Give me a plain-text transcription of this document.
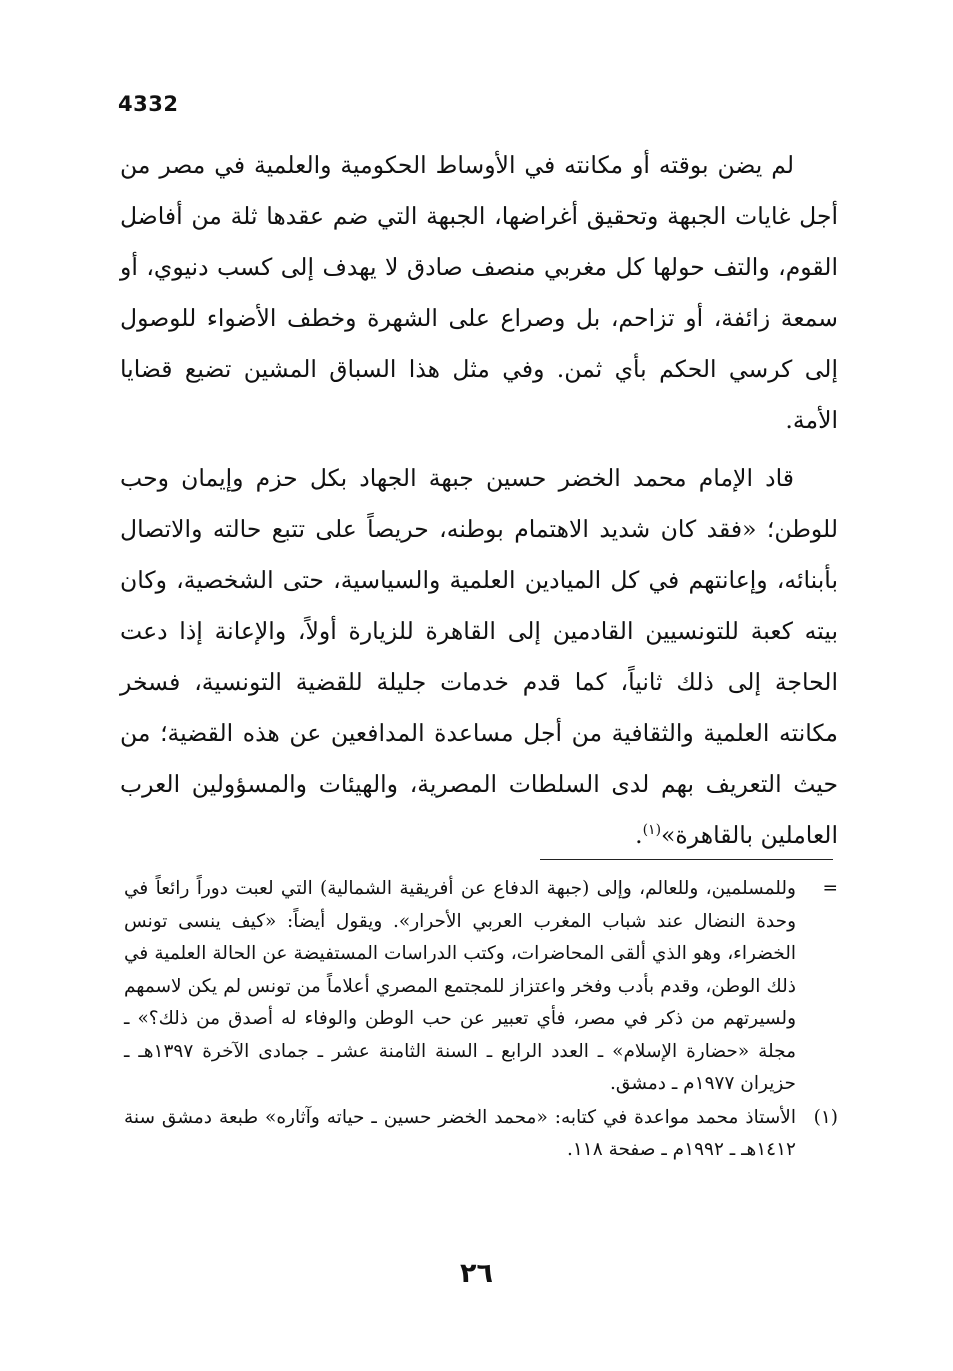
4332

لم يضن بوقته أو مكانته في الأوساط الحكومية والعلمية في مصر من أجل غايات الجبهة وتحقيق أغراضها، الجبهة التي ضم عقدها ثلة من أفاضل القوم، والتف حولها كل مغربي منصف صادق لا يهدف إلى كسب دنيوي، أو سمعة زائفة، أو تزاحم، بل وصراع على الشهرة وخطف الأضواء للوصول إلى كرسي الحكم بأي ثمن. وفي مثل هذا السباق المشين تضيع قضايا الأمة.

قاد الإمام محمد الخضر حسين جبهة الجهاد بكل حزم وإيمان وحب للوطن؛ «فقد كان شديد الاهتمام بوطنه، حريصاً على تتبع حالته والاتصال بأبنائه، وإعانتهم في كل الميادين العلمية والسياسية، حتى الشخصية، وكان بيته كعبة للتونسيين القادمين إلى القاهرة للزيارة أولاً، والإعانة إذا دعت الحاجة إلى ذلك ثانياً، كما قدم خدمات جليلة للقضية التونسية، فسخر مكانته العلمية والثقافية من أجل مساعدة المدافعين عن هذه القضية؛ من حيث التعريف بهم لدى السلطات المصرية، والهيئات والمسؤولين العرب العاملين بالقاهرة»$^{(١)}$.

=
وللمسلمين، وللعالم، وإلى (جبهة الدفاع عن أفريقية الشمالية) التي لعبت دوراً رائعاً في وحدة النضال عند شباب المغرب العربي الأحرار». ويقول أيضاً: «كيف ينسى تونس الخضراء، وهو الذي ألقى المحاضرات، وكتب الدراسات المستفيضة عن الحالة العلمية في ذلك الوطن، وقدم بأدب وفخر واعتزاز للمجتمع المصري أعلاماً من تونس لم يكن لاسمهم ولسيرتهم من ذكر في مصر، فأي تعبير عن حب الوطن والوفاء له أصدق من ذلك؟» ـ مجلة «حضارة الإسلام» ـ العدد الرابع ـ السنة الثامنة عشر ـ جمادى الآخرة ١٣٩٧هـ ـ حزيران ١٩٧٧م ـ دمشق.
(١)
الأستاذ محمد مواعدة في كتابه: «محمد الخضر حسين ـ حياته وآثاره» طبعة دمشق سنة ١٤١٢هـ ـ ١٩٩٢م ـ صفحة ١١٨.
٢٦
